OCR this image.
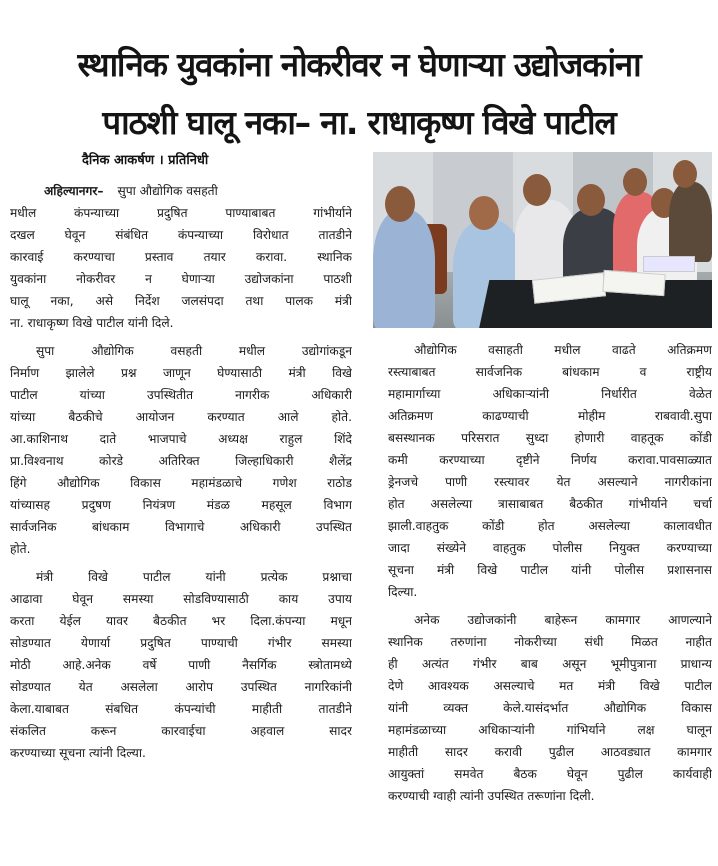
स्थानिक युवकांना नोकरीवर न घेणाऱ्या उद्योजकांना
पाठशी घालू नका– ना. राधाकृष्ण विखे पाटील
दैनिक आकर्षण । प्रतिनिधी

अहिल्यानगर– सुपा औद्योगिक वसहती

मधील कंपन्याच्या प्रदुषित पाण्याबाबत गांभीर्याने

दखल घेवून संबंधित कंपन्याच्या विरोधात तातडीने

कारवाई करण्याचा प्रस्ताव तयार करावा. स्थानिक

युवकांना नोकरीवर न घेणाऱ्या उद्योजकांना पाठशी

घालू नका, असे निर्देश जलसंपदा तथा पालक मंत्री

ना. राधाकृष्ण विखे पाटील यांनी दिले.

सुपा औद्योगिक वसहती मधील उद्योगांकडून

निर्माण झालेले प्रश्न जाणून घेण्यासाठी मंत्री विखे

पाटील यांच्या उपस्थितीत नागरीक अधिकारी

यांच्या बैठकीचे आयोजन करण्यात आले होते.

आ.काशिनाथ दाते भाजपाचे अध्यक्ष राहुल शिंदे

प्रा.विश्वनाथ कोरडे अतिरिक्त जिल्हाधिकारी शैलेंद्र

हिंगे औद्योगिक विकास महामंडळाचे गणेश राठोड

यांच्यासह प्रदुषण नियंत्रण मंडळ महसूल विभाग

सार्वजनिक बांधकाम विभागाचे अधिकारी उपस्थित

होते.

मंत्री विखे पाटील यांनी प्रत्येक प्रश्नाचा

आढावा घेवून समस्या सोडविण्यासाठी काय उपाय

करता येईल यावर बैठकीत भर दिला.कंपन्या मधून

सोडण्यात येणार्या प्रदुषित पाण्याची गंभीर समस्या

मोठी आहे.अनेक वर्षे पाणी नैसर्गिक स्त्रोतामध्ये

सोडण्यात येत असलेला आरोप उपस्थित नागरिकांनी

केला.याबाबत संबधित कंपन्यांची माहीती तातडीने

संकलित करून कारवाईचा अहवाल सादर

करण्याच्या सूचना त्यांनी दिल्या.

औद्योगिक वसाहती मधील वाढते अतिक्रमण

रस्त्याबाबत सार्वजनिक बांधकाम व राष्ट्रीय

महामार्गाच्या अधिकाऱ्यांनी निर्धारीत वेळेत

अतिक्रमण काढण्याची मोहीम राबवावी.सुपा

बसस्थानक परिसरात सुध्दा होणारी वाहतूक कोंडी

कमी करण्याच्या दृष्टीने निर्णय करावा.पावसाळ्यात

ड्रेनजचे पाणी रस्त्यावर येत असल्याने नागरीकांना

होत असलेल्या त्रासाबाबत बैठकीत गांभीर्याने चर्चा

झाली.वाहतुक कोंडी होत असलेल्या कालावधीत

जादा संख्येने वाहतुक पोलीस नियुक्त करण्याच्या

सूचना मंत्री विखे पाटील यांनी पोलीस प्रशासनास

दिल्या.

अनेक उद्योजकांनी बाहेरून कामगार आणल्याने

स्थानिक तरुणांना नोकरीच्या संधी मिळत नाहीत

ही अत्यंत गंभीर बाब असून भूमीपुत्राना प्राधान्य

देणे आवश्यक असल्याचे मत मंत्री विखे पाटील

यांनी व्यक्त केले.यासंदर्भात औद्योगिक विकास

महामंडळाच्या अधिकाऱ्यांनी गांभिर्याने लक्ष घालून

माहीती सादर करावी पुढील आठवड्यात कामगार

आयुक्तां समवेत बैठक घेवून पुढील कार्यवाही

करण्याची ग्वाही त्यांनी उपस्थित तरूणांना दिली.
